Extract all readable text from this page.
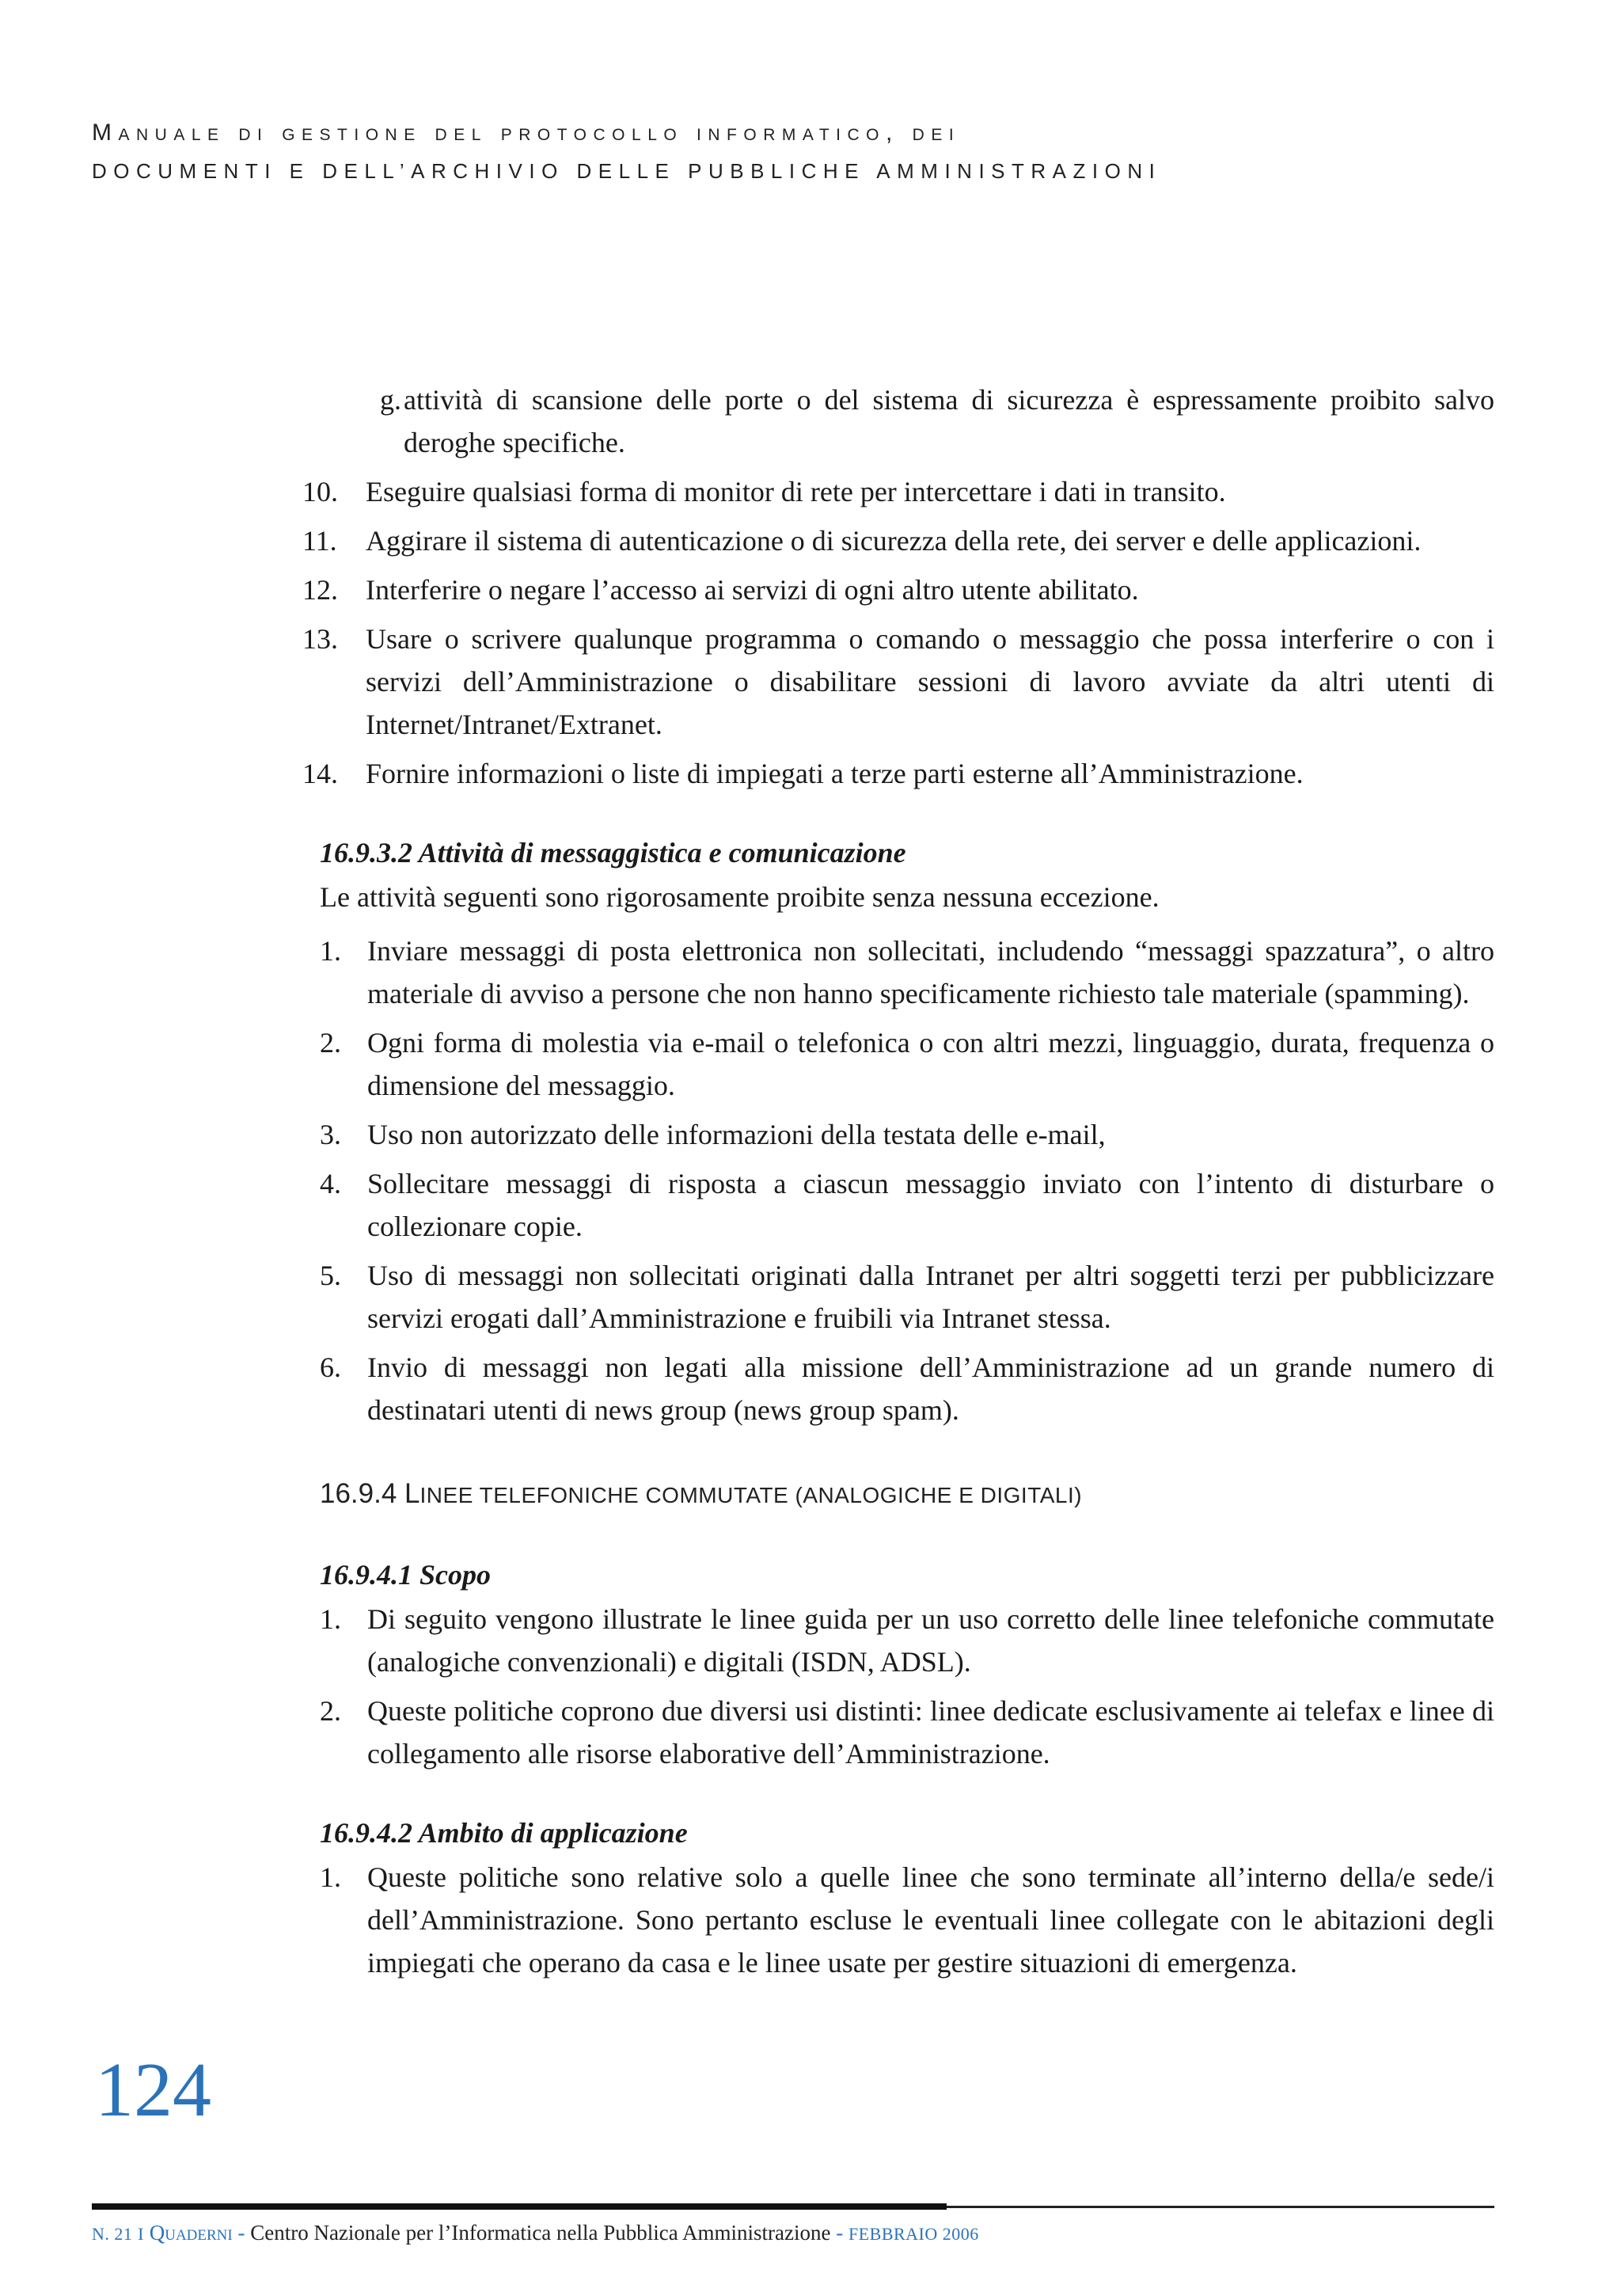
Manuale di gestione del protocollo informatico, dei
DOCUMENTI E DELL’ARCHIVIO DELLE PUBBLICHE AMMINISTRAZIONI
g. attività di scansione delle porte o del sistema di sicurezza è espressamente proibito salvo deroghe specifiche.
10. Eseguire qualsiasi forma di monitor di rete per intercettare i dati in transito.
11. Aggirare il sistema di autenticazione o di sicurezza della rete, dei server e delle applicazioni.
12. Interferire o negare l’accesso ai servizi di ogni altro utente abilitato.
13. Usare o scrivere qualunque programma o comando o messaggio che possa interferire o con i servizi dell’Amministrazione o disabilitare sessioni di lavoro avviate da altri utenti di Internet/Intranet/Extranet.
14. Fornire informazioni o liste di impiegati a terze parti esterne all’Amministrazione.
16.9.3.2 Attività di messaggistica e comunicazione
Le attività seguenti sono rigorosamente proibite senza nessuna eccezione.
1. Inviare messaggi di posta elettronica non sollecitati, includendo “messaggi spazzatura”, o altro materiale di avviso a persone che non hanno specificamente richiesto tale materiale (spamming).
2. Ogni forma di molestia via e-mail o telefonica o con altri mezzi, linguaggio, durata, frequenza o dimensione del messaggio.
3. Uso non autorizzato delle informazioni della testata delle e-mail,
4. Sollecitare messaggi di risposta a ciascun messaggio inviato con l’intento di disturbare o collezionare copie.
5. Uso di messaggi non sollecitati originati dalla Intranet per altri soggetti terzi per pubblicizzare servizi erogati dall’Amministrazione e fruibili via Intranet stessa.
6. Invio di messaggi non legati alla missione dell’Amministrazione ad un grande numero di destinatari utenti di news group (news group spam).
16.9.4 LINEE TELEFONICHE COMMUTATE (ANALOGICHE E DIGITALI)
16.9.4.1 Scopo
1. Di seguito vengono illustrate le linee guida per un uso corretto delle linee telefoniche commutate (analogiche convenzionali) e digitali (ISDN, ADSL).
2. Queste politiche coprono due diversi usi distinti: linee dedicate esclusivamente ai telefax e linee di collegamento alle risorse elaborative dell’Amministrazione.
16.9.4.2 Ambito di applicazione
1. Queste politiche sono relative solo a quelle linee che sono terminate all’interno della/e sede/i dell’Amministrazione. Sono pertanto escluse le eventuali linee collegate con le abitazioni degli impiegati che operano da casa e le linee usate per gestire situazioni di emergenza.
124
N. 21 I Quaderni - Centro Nazionale per l’Informatica nella Pubblica Amministrazione - FEBBRAIO 2006
